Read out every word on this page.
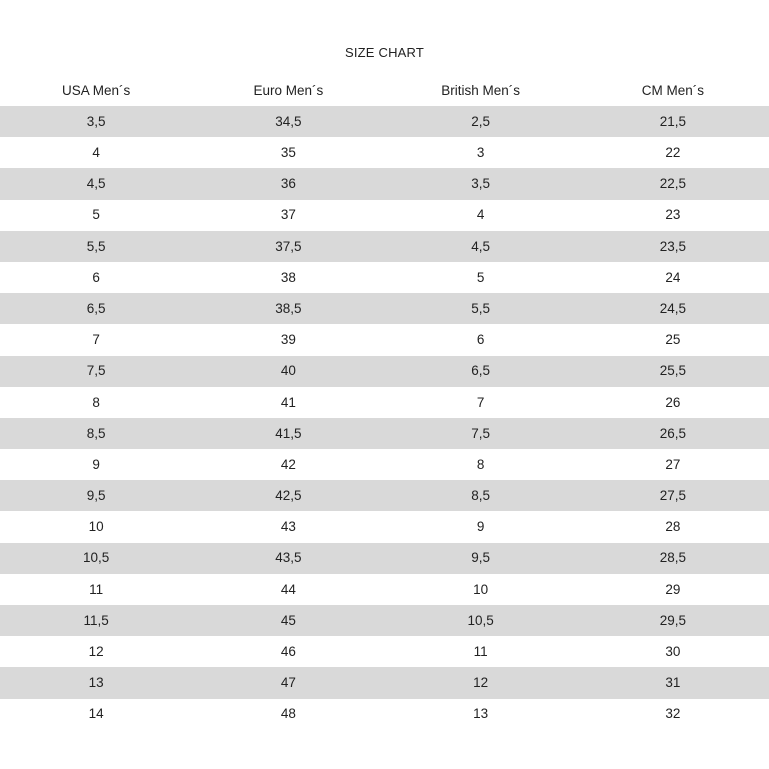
SIZE CHART
USA Men´s	Euro Men´s	British Men´s	CM Men´s
3,5	34,5	2,5	21,5
4	35	3	22
4,5	36	3,5	22,5
5	37	4	23
5,5	37,5	4,5	23,5
6	38	5	24
6,5	38,5	5,5	24,5
7	39	6	25
7,5	40	6,5	25,5
8	41	7	26
8,5	41,5	7,5	26,5
9	42	8	27
9,5	42,5	8,5	27,5
10	43	9	28
10,5	43,5	9,5	28,5
11	44	10	29
11,5	45	10,5	29,5
12	46	11	30
13	47	12	31
14	48	13	32
